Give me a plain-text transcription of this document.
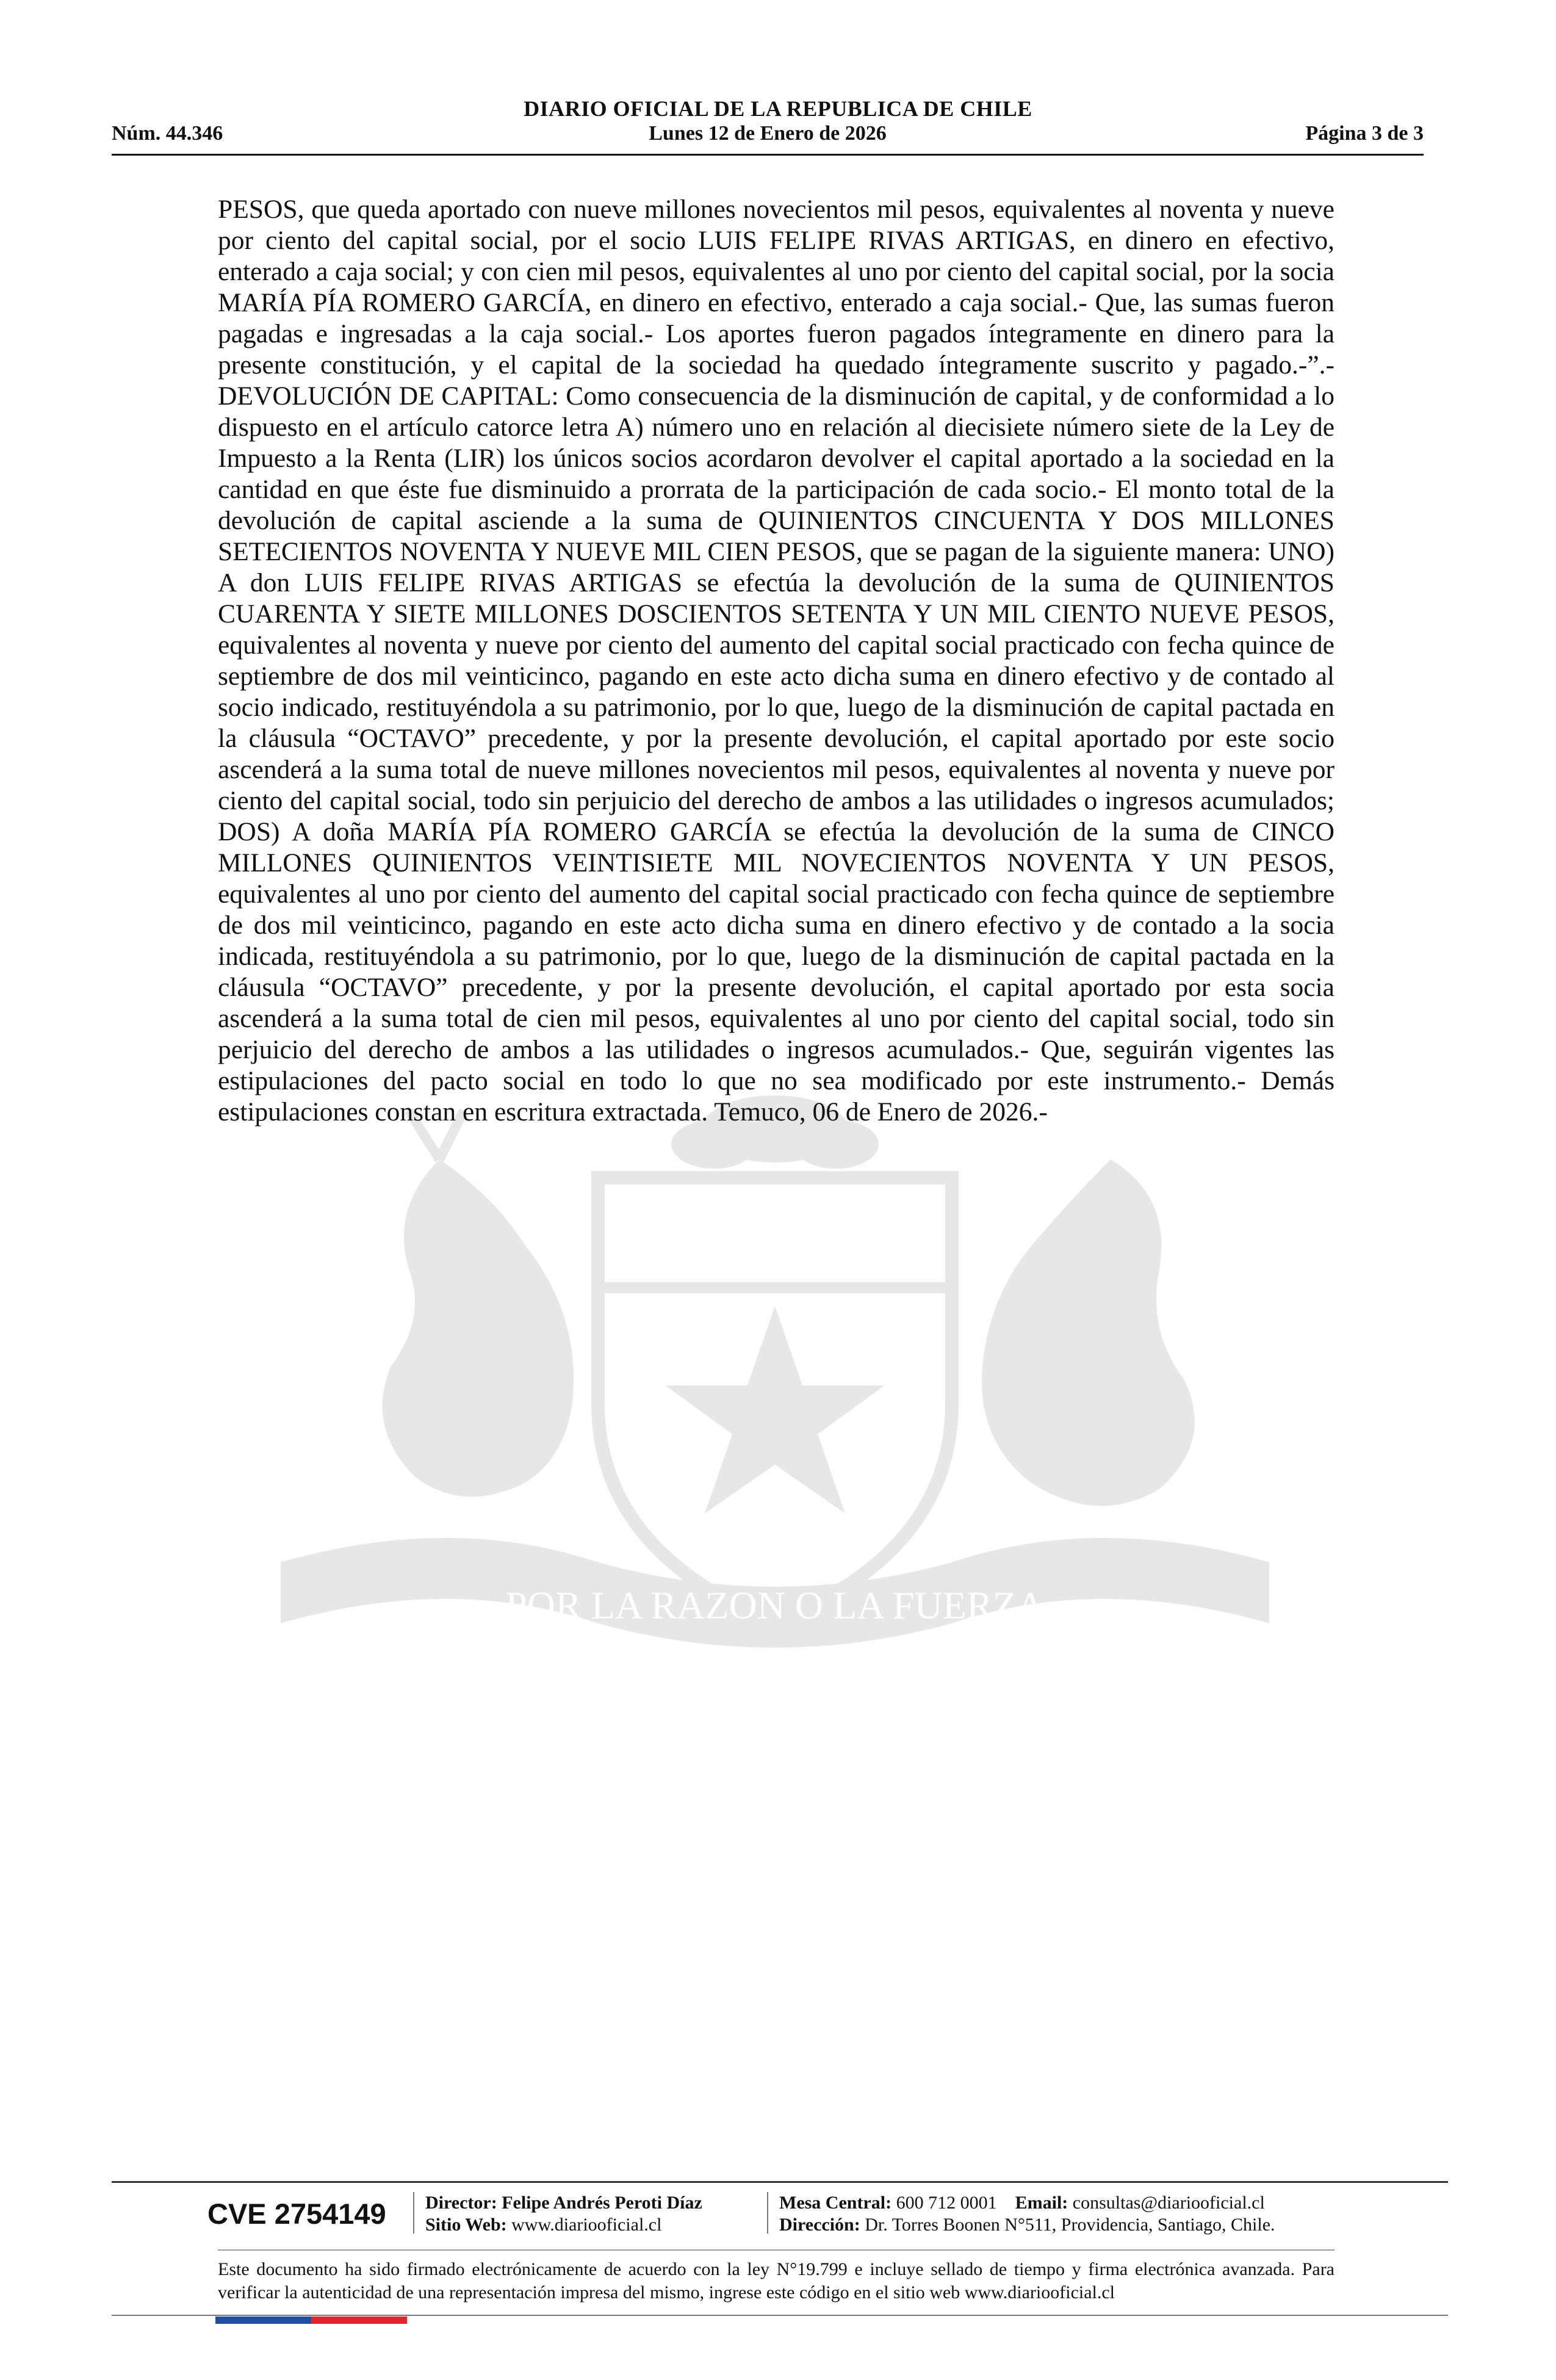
DIARIO OFICIAL DE LA REPUBLICA DE CHILE
Lunes 12 de Enero de 2026
Núm. 44.346	Página 3 de 3
POR LA RAZON O LA FUERZA

PESOS, que queda aportado con nueve millones novecientos mil pesos, equivalentes al noventa y nueve por ciento del capital social, por el socio LUIS FELIPE RIVAS ARTIGAS, en dinero en efectivo, enterado a caja social; y con cien mil pesos, equivalentes al uno por ciento del capital social, por la socia MARÍA PÍA ROMERO GARCÍA, en dinero en efectivo, enterado a caja social.- Que, las sumas fueron pagadas e ingresadas a la caja social.- Los aportes fueron pagados íntegramente en dinero para la presente constitución, y el capital de la sociedad ha quedado íntegramente suscrito y pagado.-”.- DEVOLUCIÓN DE CAPITAL: Como consecuencia de la disminución de capital, y de conformidad a lo dispuesto en el artículo catorce letra A) número uno en relación al diecisiete número siete de la Ley de Impuesto a la Renta (LIR) los únicos socios acordaron devolver el capital aportado a la sociedad en la cantidad en que éste fue disminuido a prorrata de la participación de cada socio.- El monto total de la devolución de capital asciende a la suma de QUINIENTOS CINCUENTA Y DOS MILLONES SETECIENTOS NOVENTA Y NUEVE MIL CIEN PESOS, que se pagan de la siguiente manera: UNO) A don LUIS FELIPE RIVAS ARTIGAS se efectúa la devolución de la suma de QUINIENTOS CUARENTA Y SIETE MILLONES DOSCIENTOS SETENTA Y UN MIL CIENTO NUEVE PESOS, equivalentes al noventa y nueve por ciento del aumento del capital social practicado con fecha quince de septiembre de dos mil veinticinco, pagando en este acto dicha suma en dinero efectivo y de contado al socio indicado, restituyéndola a su patrimonio, por lo que, luego de la disminución de capital pactada en la cláusula “OCTAVO” precedente, y por la presente devolución, el capital aportado por este socio ascenderá a la suma total de nueve millones novecientos mil pesos, equivalentes al noventa y nueve por ciento del capital social, todo sin perjuicio del derecho de ambos a las utilidades o ingresos acumulados; DOS) A doña MARÍA PÍA ROMERO GARCÍA se efectúa la devolución de la suma de CINCO MILLONES QUINIENTOS VEINTISIETE MIL NOVECIENTOS NOVENTA Y UN PESOS, equivalentes al uno por ciento del aumento del capital social practicado con fecha quince de septiembre de dos mil veinticinco, pagando en este acto dicha suma en dinero efectivo y de contado a la socia indicada, restituyéndola a su patrimonio, por lo que, luego de la disminución de capital pactada en la cláusula “OCTAVO” precedente, y por la presente devolución, el capital aportado por esta socia ascenderá a la suma total de cien mil pesos, equivalentes al uno por ciento del capital social, todo sin perjuicio del derecho de ambos a las utilidades o ingresos acumulados.- Que, seguirán vigentes las estipulaciones del pacto social en todo lo que no sea modificado por este instrumento.- Demás estipulaciones constan en escritura extractada. Temuco, 06 de Enero de 2026.-

CVE 2754149	Director: Felipe Andrés Peroti Díaz
Sitio Web: www.diariooficial.cl
Mesa Central: 600 712 0001 Email: consultas@diariooficial.cl
Dirección: Dr. Torres Boonen N°511, Providencia, Santiago, Chile.

Este documento ha sido firmado electrónicamente de acuerdo con la ley N°19.799 e incluye sellado de tiempo y firma electrónica avanzada. Para verificar la autenticidad de una representación impresa del mismo, ingrese este código en el sitio web www.diariooficial.cl
